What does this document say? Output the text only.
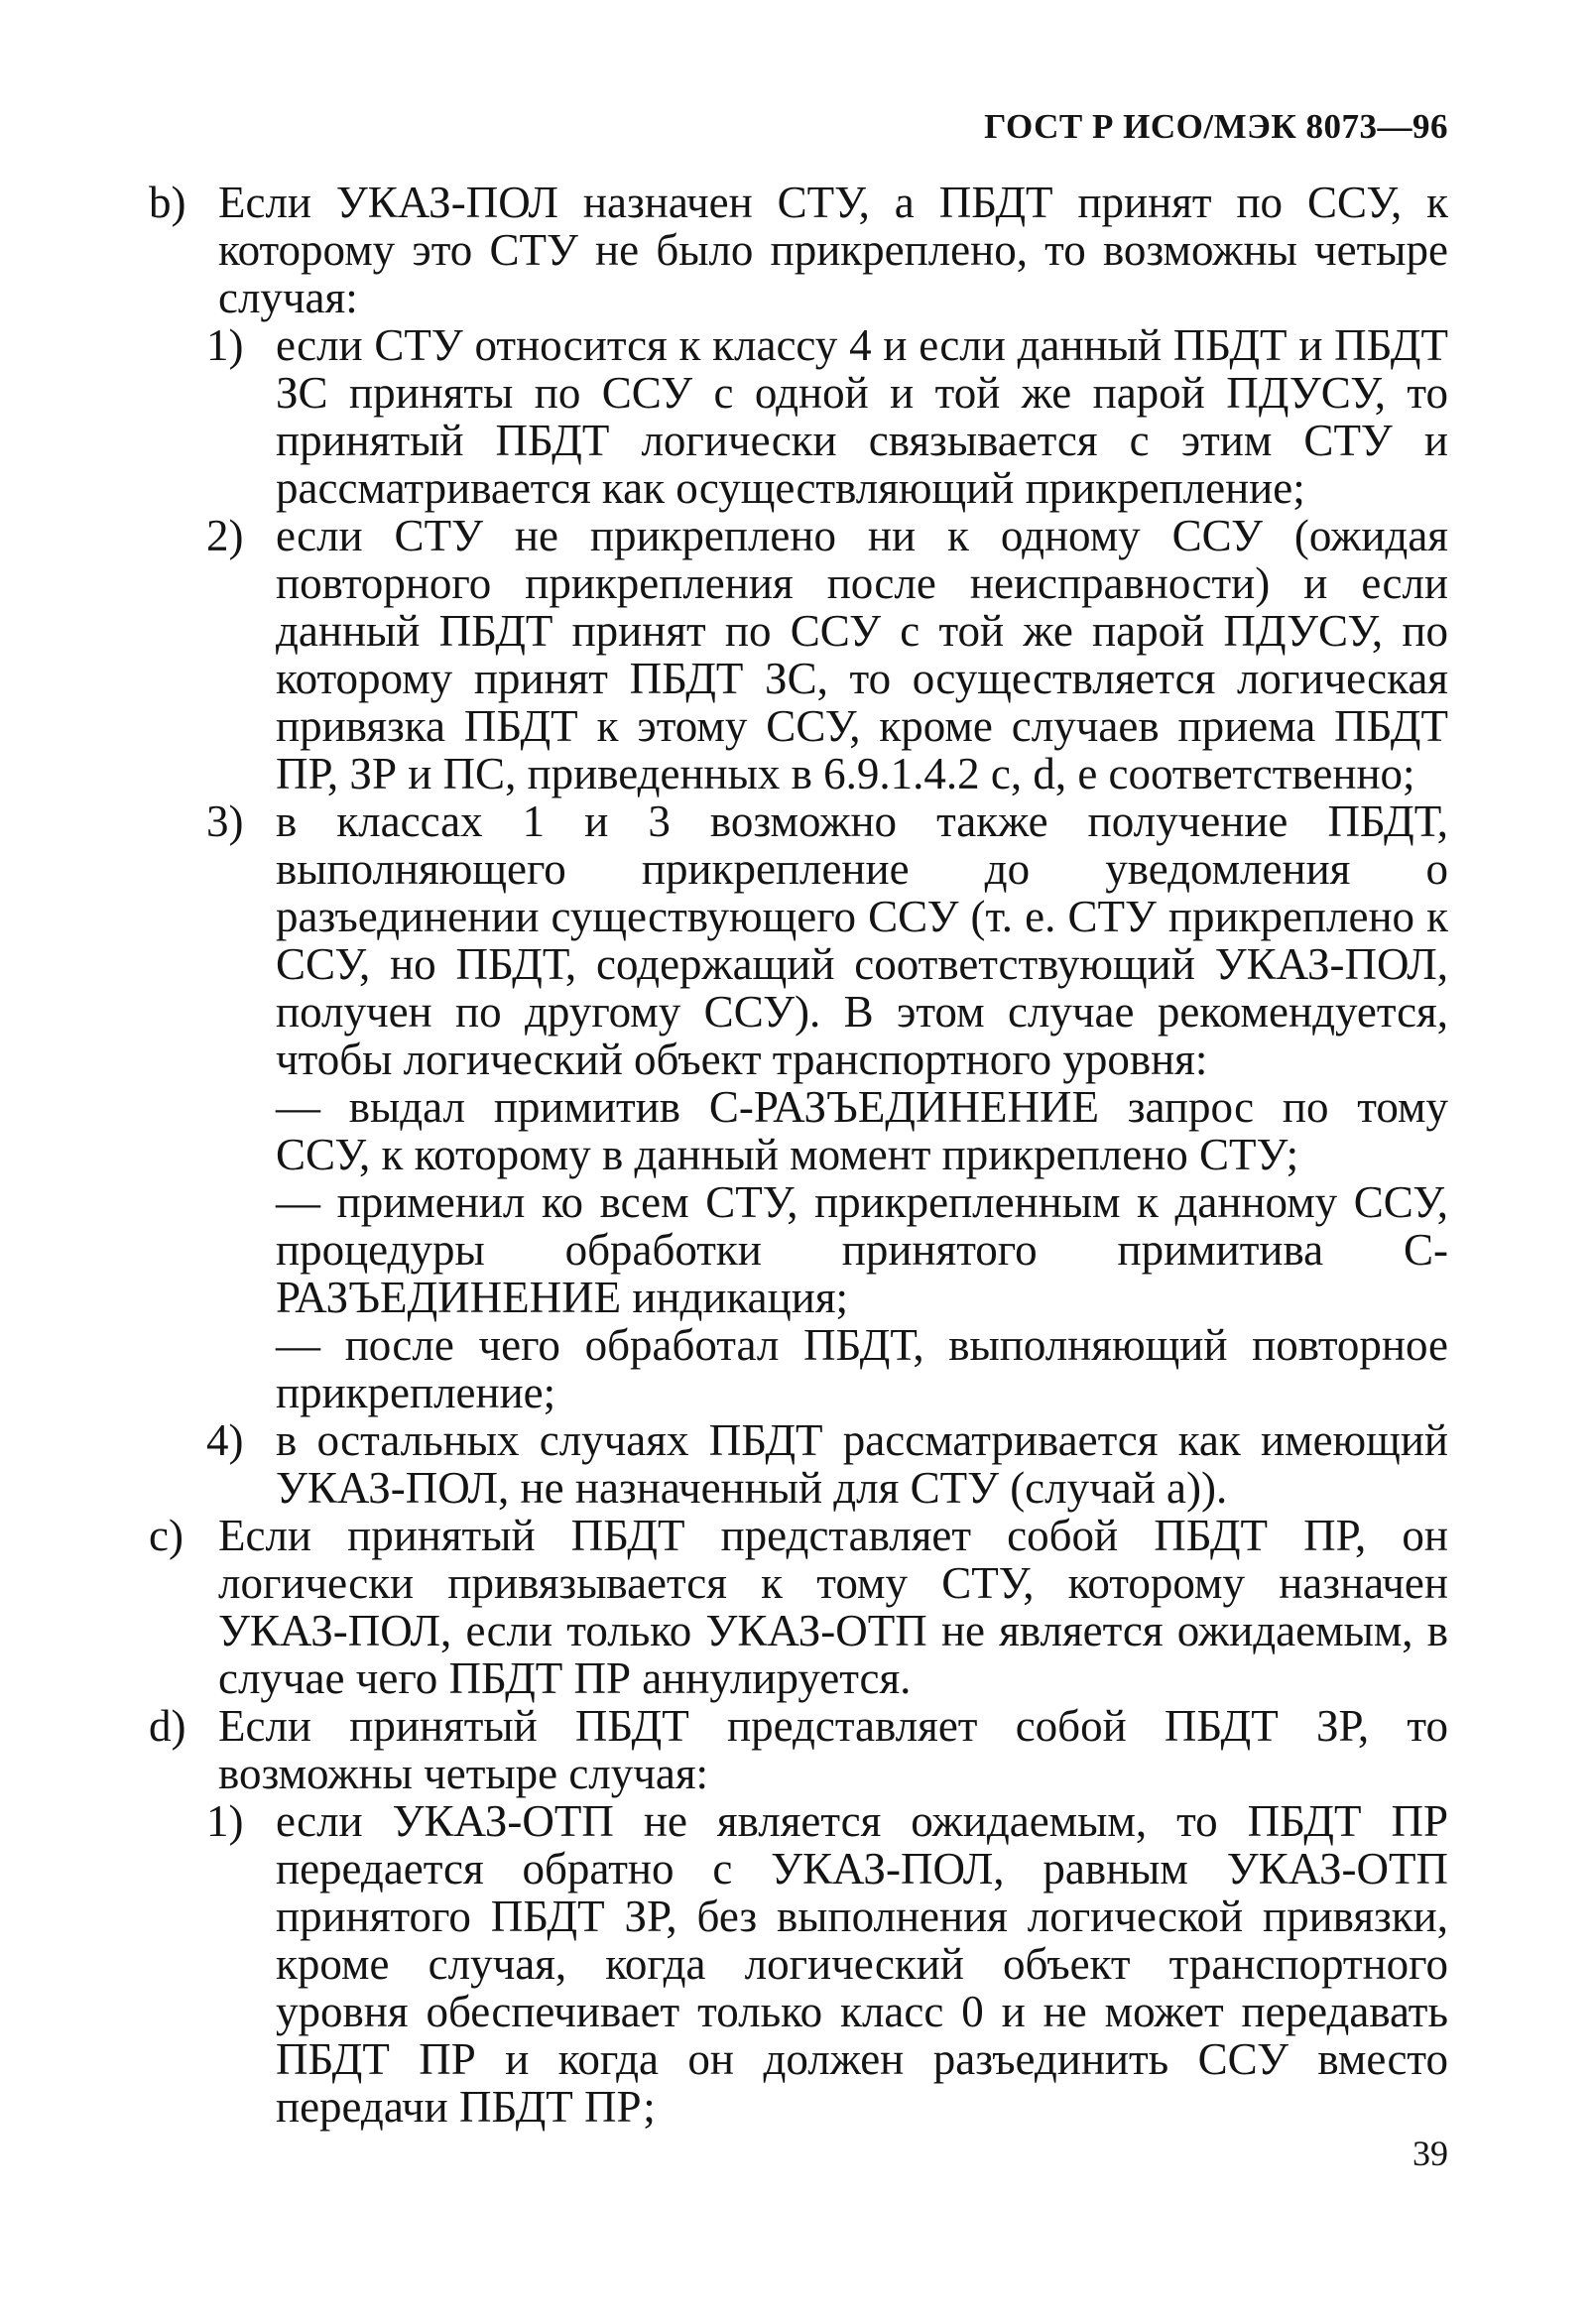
ГОСТ Р ИСО/МЭК 8073—96

b) Если УКАЗ-ПОЛ назначен СТУ, а ПБДТ принят по ССУ, к которому это СТУ не было прикреплено, то возможны четыре случая:

1) если СТУ относится к классу 4 и если данный ПБДТ и ПБДТ ЗС приняты по ССУ с одной и той же парой ПДУСУ, то принятый ПБДТ логически связывается с этим СТУ и рассматривается как осуществляющий прикрепление;

2) если СТУ не прикреплено ни к одному ССУ (ожидая повторного прикрепления после неисправности) и если данный ПБДТ принят по ССУ с той же парой ПДУСУ, по которому принят ПБДТ ЗС, то осуществляется логическая привязка ПБДТ к этому ССУ, кроме случаев приема ПБДТ ПР, ЗР и ПС, приведенных в 6.9.1.4.2 с, d, е соответственно;

3) в классах 1 и 3 возможно также получение ПБДТ, выполняющего прикрепление до уведомления о разъединении существующего ССУ (т. е. СТУ прикреплено к ССУ, но ПБДТ, содержащий соответствующий УКАЗ-ПОЛ, получен по другому ССУ). В этом случае рекомендуется, чтобы логический объект транспортного уровня:

— выдал примитив С-РАЗЪЕДИНЕНИЕ запрос по тому ССУ, к которому в данный момент прикреплено СТУ;

— применил ко всем СТУ, прикрепленным к данному ССУ, процедуры обработки принятого примитива С-РАЗЪЕДИНЕНИЕ индикация;

— после чего обработал ПБДТ, выполняющий повторное прикрепление;

4) в остальных случаях ПБДТ рассматривается как имеющий УКАЗ-ПОЛ, не назначенный для СТУ (случай а)).

с) Если принятый ПБДТ представляет собой ПБДТ ПР, он логически привязывается к тому СТУ, которому назначен УКАЗ-ПОЛ, если только УКАЗ-ОТП не является ожидаемым, в случае чего ПБДТ ПР аннулируется.

d) Если принятый ПБДТ представляет собой ПБДТ ЗР, то возможны четыре случая:

1) если УКАЗ-ОТП не является ожидаемым, то ПБДТ ПР передается обратно с УКАЗ-ПОЛ, равным УКАЗ-ОТП принятого ПБДТ ЗР, без выполнения логической привязки, кроме случая, когда логический объект транспортного уровня обеспечивает только класс 0 и не может передавать ПБДТ ПР и когда он должен разъединить ССУ вместо передачи ПБДТ ПР;

39
